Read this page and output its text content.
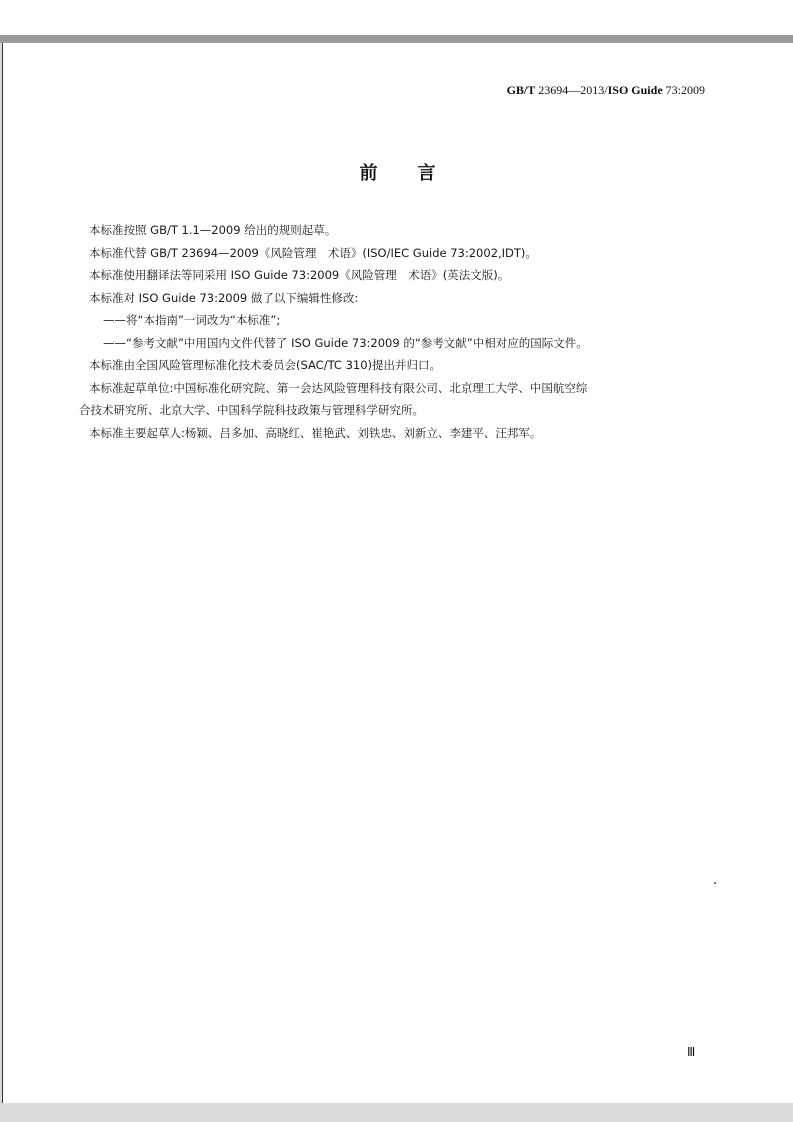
GB/T 23694—2013/ISO Guide 73:2009
前 言
本标准按照 GB/T 1.1—2009 给出的规则起草。
本标准代替 GB/T 23694—2009《风险管理　术语》(ISO/IEC Guide 73:2002,IDT)。
本标准使用翻译法等同采用 ISO Guide 73:2009《风险管理　术语》(英法文版)。
本标准对 ISO Guide 73:2009 做了以下编辑性修改:
——将“本指南”一词改为“本标准”;
——“参考文献”中用国内文件代替了 ISO Guide 73:2009 的“参考文献”中相对应的国际文件。
本标准由全国风险管理标准化技术委员会(SAC/TC 310)提出并归口。
本标准起草单位:中国标准化研究院、第一会达风险管理科技有限公司、北京理工大学、中国航空综
合技术研究所、北京大学、中国科学院科技政策与管理科学研究所。
本标准主要起草人:杨颖、吕多加、高晓红、崔艳武、刘铁忠、刘新立、李建平、汪邦军。
Ⅲ
